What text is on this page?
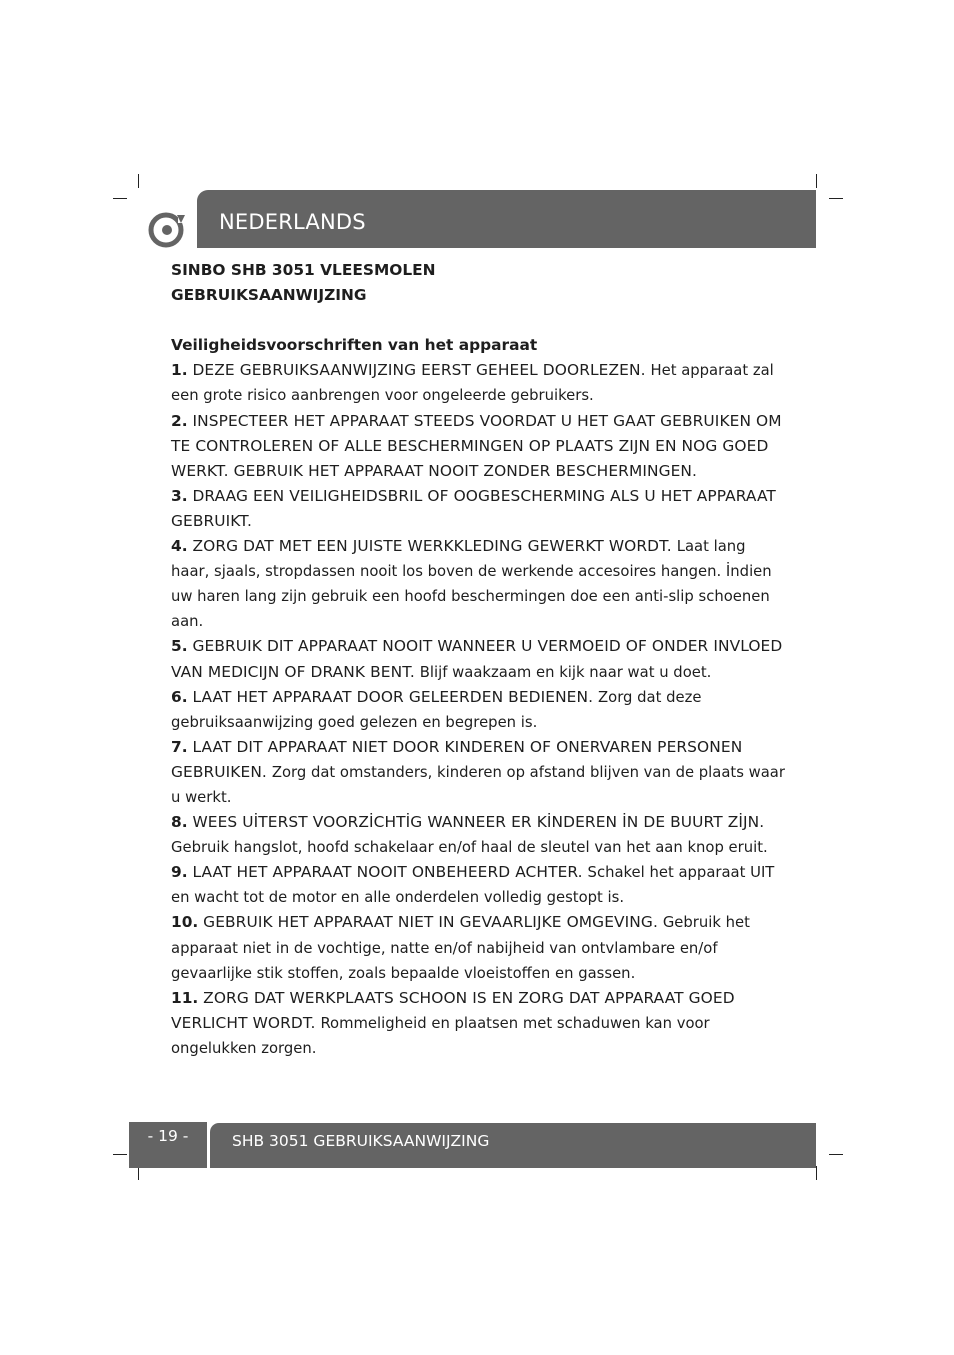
NEDERLANDS

SINBO SHB 3051 VLEESMOLEN

GEBRUIKSAANWIJZING

Veiligheidsvoorschriften van het apparaat

1. DEZE GEBRUIKSAANWIJZING EERST GEHEEL DOORLEZEN. Het apparaat zal een grote risico aanbrengen voor ongeleerde gebruikers.

2. INSPECTEER HET APPARAAT STEEDS VOORDAT U HET GAAT GEBRUIKEN OM TE CONTROLEREN OF ALLE BESCHERMINGEN OP PLAATS ZIJN EN NOG GOED WERKT. GEBRUIK HET APPARAAT NOOIT ZONDER BESCHERMINGEN.

3. DRAAG EEN VEILIGHEIDSBRIL OF OOGBESCHERMING ALS U HET APPARAAT GEBRUIKT.

4. ZORG DAT MET EEN JUISTE WERKKLEDING GEWERKT WORDT. Laat lang haar, sjaals, stropdassen nooit los boven de werkende accesoires hangen. İndien uw haren lang zijn gebruik een hoofd beschermingen doe een anti-slip schoenen aan.

5. GEBRUIK DIT APPARAAT NOOIT WANNEER U VERMOEID OF ONDER INVLOED VAN MEDICIJN OF DRANK BENT. Blijf waakzaam en kijk naar wat u doet.

6. LAAT HET APPARAAT DOOR GELEERDEN BEDIENEN. Zorg dat deze gebruiksaanwijzing goed gelezen en begrepen is.

7. LAAT DIT APPARAAT NIET DOOR KINDEREN OF ONERVAREN PERSONEN GEBRUIKEN. Zorg dat omstanders, kinderen op afstand blijven van de plaats waar u werkt.

8. WEES UİTERST VOORZİCHTİG WANNEER ER KİNDEREN İN DE BUURT ZİJN. Gebruik hangslot, hoofd schakelaar en/of haal de sleutel van het aan knop eruit.

9. LAAT HET APPARAAT NOOIT ONBEHEERD ACHTER. Schakel het apparaat UIT en wacht tot de motor en alle onderdelen volledig gestopt is.

10. GEBRUIK HET APPARAAT NIET IN GEVAARLIJKE OMGEVING. Gebruik het apparaat niet in de vochtige, natte en/of nabijheid van ontvlambare en/of gevaarlijke stik stoffen, zoals bepaalde vloeistoffen en gassen.

11. ZORG DAT WERKPLAATS SCHOON IS EN ZORG DAT APPARAAT GOED VERLICHT WORDT. Rommeligheid en plaatsen met schaduwen kan voor ongelukken zorgen.

- 19 -	SHB 3051 GEBRUIKSAANWIJZING
